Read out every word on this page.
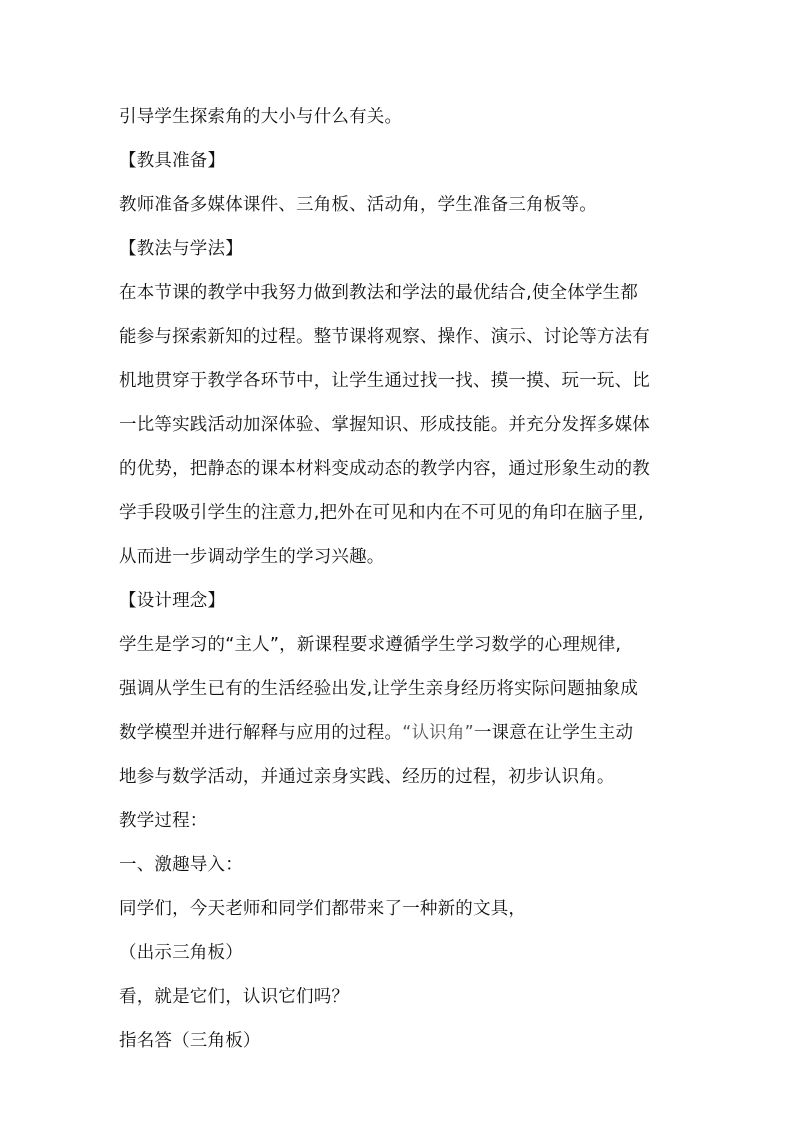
引导学生探索角的大小与什么有关。
【教具准备】
教师准备多媒体课件、三角板、活动角，学生准备三角板等。
【教法与学法】
在本节课的教学中我努力做到教法和学法的最优结合,使全体学生都
能参与探索新知的过程。整节课将观察、操作、演示、讨论等方法有
机地贯穿于教学各环节中，让学生通过找一找、摸一摸、玩一玩、比
一比等实践活动加深体验、掌握知识、形成技能。并充分发挥多媒体
的优势，把静态的课本材料变成动态的教学内容，通过形象生动的教
学手段吸引学生的注意力,把外在可见和内在不可见的角印在脑子里,
从而进一步调动学生的学习兴趣。
【设计理念】
学生是学习的“主人”，新课程要求遵循学生学习数学的心理规律,
强调从学生已有的生活经验出发,让学生亲身经历将实际问题抽象成
数学模型并进行解释与应用的过程。“认识角”一课意在让学生主动
地参与数学活动，并通过亲身实践、经历的过程，初步认识角。
教学过程：
一、激趣导入：
同学们，今天老师和同学们都带来了一种新的文具，
（出示三角板）
看，就是它们，认识它们吗？
指名答（三角板）
